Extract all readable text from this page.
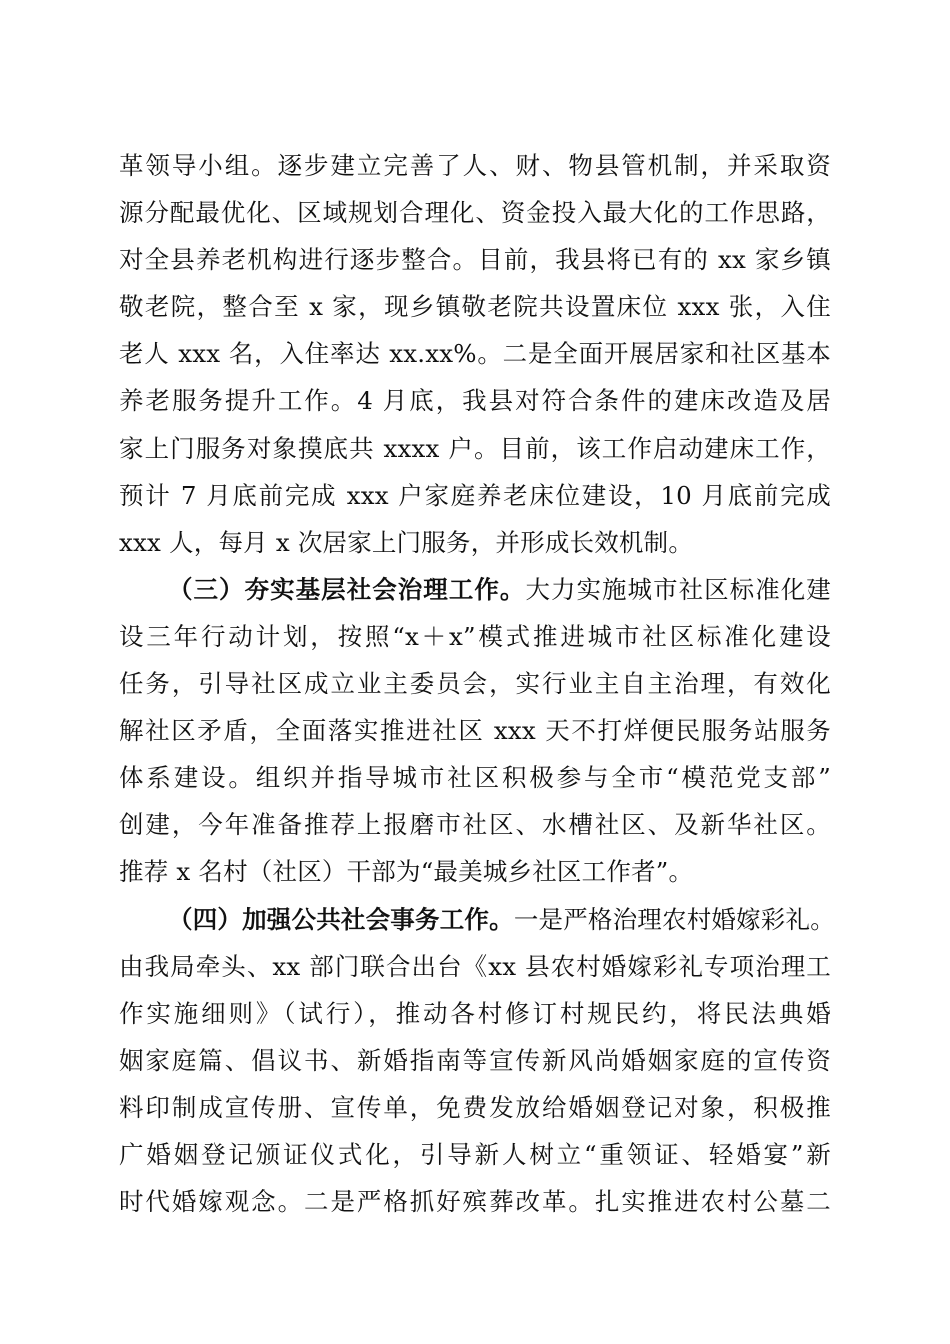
革领导小组。逐步建立完善了人、财、物县管机制，并采取资
源分配最优化、区域规划合理化、资金投入最大化的工作思路，
对全县养老机构进行逐步整合。目前，我县将已有的 xx 家乡镇
敬老院，整合至 x 家，现乡镇敬老院共设置床位 xxx 张，入住
老人 xxx 名，入住率达 xx.xx%。二是全面开展居家和社区基本
养老服务提升工作。4 月底，我县对符合条件的建床改造及居
家上门服务对象摸底共 xxxx 户。目前，该工作启动建床工作，
预计 7 月底前完成 xxx 户家庭养老床位建设，10 月底前完成
xxx 人，每月 x 次居家上门服务，并形成长效机制。
（三）夯实基层社会治理工作。大力实施城市社区标准化建
设三年行动计划，按照“x＋x”模式推进城市社区标准化建设
任务，引导社区成立业主委员会，实行业主自主治理，有效化
解社区矛盾，全面落实推进社区 xxx 天不打烊便民服务站服务
体系建设。组织并指导城市社区积极参与全市“模范党支部”
创建，今年准备推荐上报磨市社区、水槽社区、及新华社区。
推荐 x 名村（社区）干部为“最美城乡社区工作者”。
（四）加强公共社会事务工作。一是严格治理农村婚嫁彩礼。
由我局牵头、xx 部门联合出台《xx 县农村婚嫁彩礼专项治理工
作实施细则》（试行），推动各村修订村规民约，将民法典婚
姻家庭篇、倡议书、新婚指南等宣传新风尚婚姻家庭的宣传资
料印制成宣传册、宣传单，免费发放给婚姻登记对象，积极推
广婚姻登记颁证仪式化，引导新人树立“重领证、轻婚宴”新
时代婚嫁观念。二是严格抓好殡葬改革。扎实推进农村公墓二
